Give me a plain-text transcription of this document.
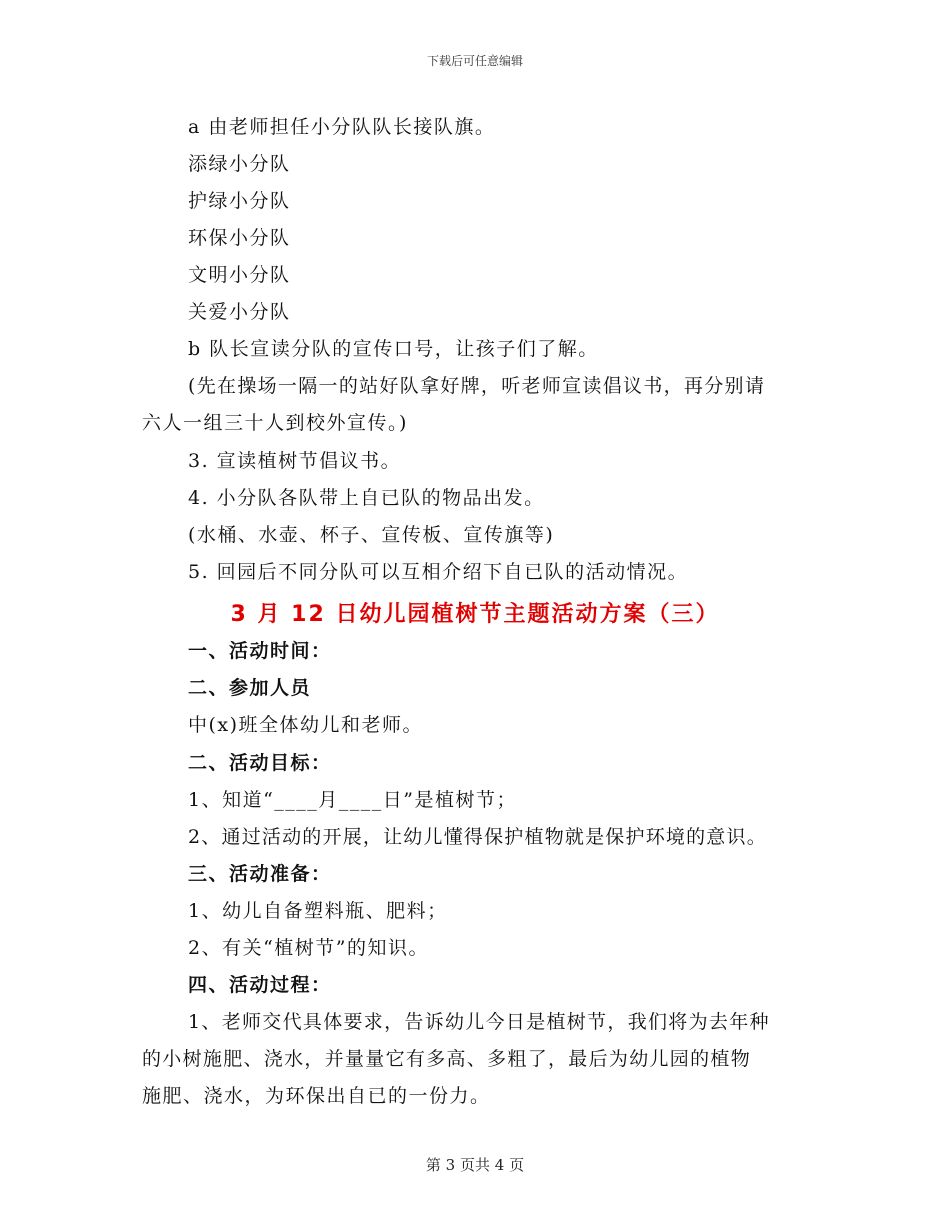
下载后可任意编辑
a 由老师担任小分队队长接队旗。
添绿小分队
护绿小分队
环保小分队
文明小分队
关爱小分队
b 队长宣读分队的宣传口号，让孩子们了解。
(先在操场一隔一的站好队拿好牌，听老师宣读倡议书，再分别请
六人一组三十人到校外宣传。)
3. 宣读植树节倡议书。
4. 小分队各队带上自已队的物品出发。
(水桶、水壶、杯子、宣传板、宣传旗等)
5. 回园后不同分队可以互相介绍下自已队的活动情况。
3 月 12 日幼儿园植树节主题活动方案（三）
一、活动时间：
二、参加人员
中(x)班全体幼儿和老师。
二、活动目标：
1、知道“____月____日”是植树节；
2、通过活动的开展，让幼儿懂得保护植物就是保护环境的意识。
三、活动准备：
1、幼儿自备塑料瓶、肥料；
2、有关“植树节”的知识。
四、活动过程：
1、老师交代具体要求，告诉幼儿今日是植树节，我们将为去年种
的小树施肥、浇水，并量量它有多高、多粗了，最后为幼儿园的植物
施肥、浇水，为环保出自已的一份力。
第 3 页共 4 页
